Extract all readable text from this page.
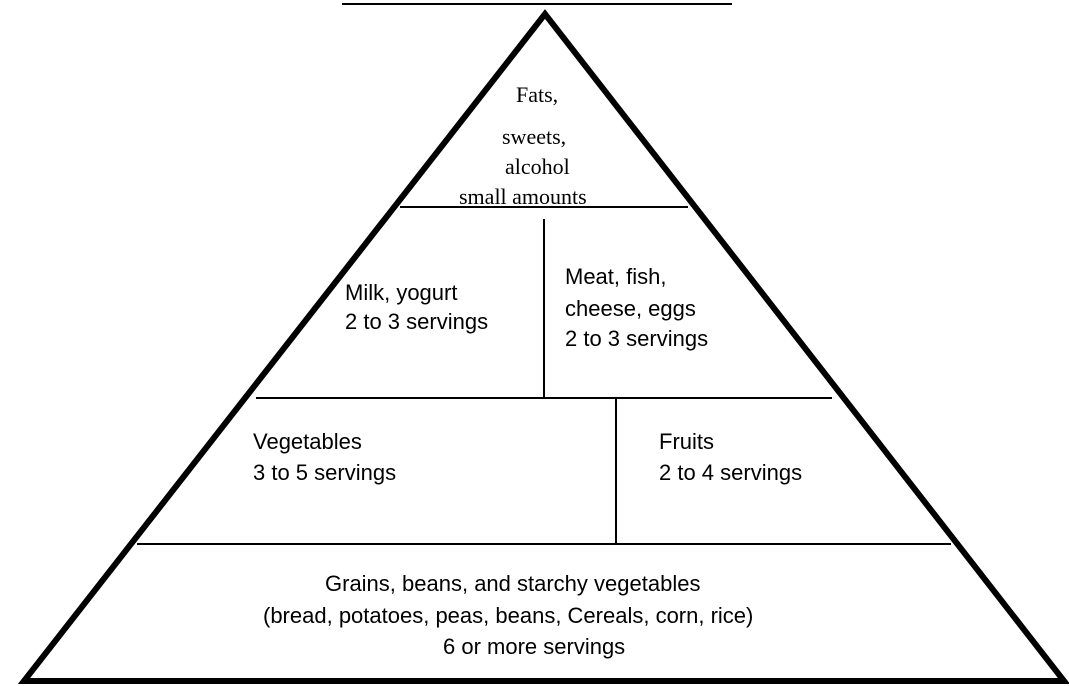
Fats,
sweets,
alcohol
small amounts
Milk, yogurt
2 to 3 servings
Meat, fish,
cheese, eggs
2 to 3 servings
Vegetables
3 to 5 servings
Fruits
2 to 4 servings
Grains, beans, and starchy vegetables
(bread, potatoes, peas, beans, Cereals, corn, rice)
6 or more servings
